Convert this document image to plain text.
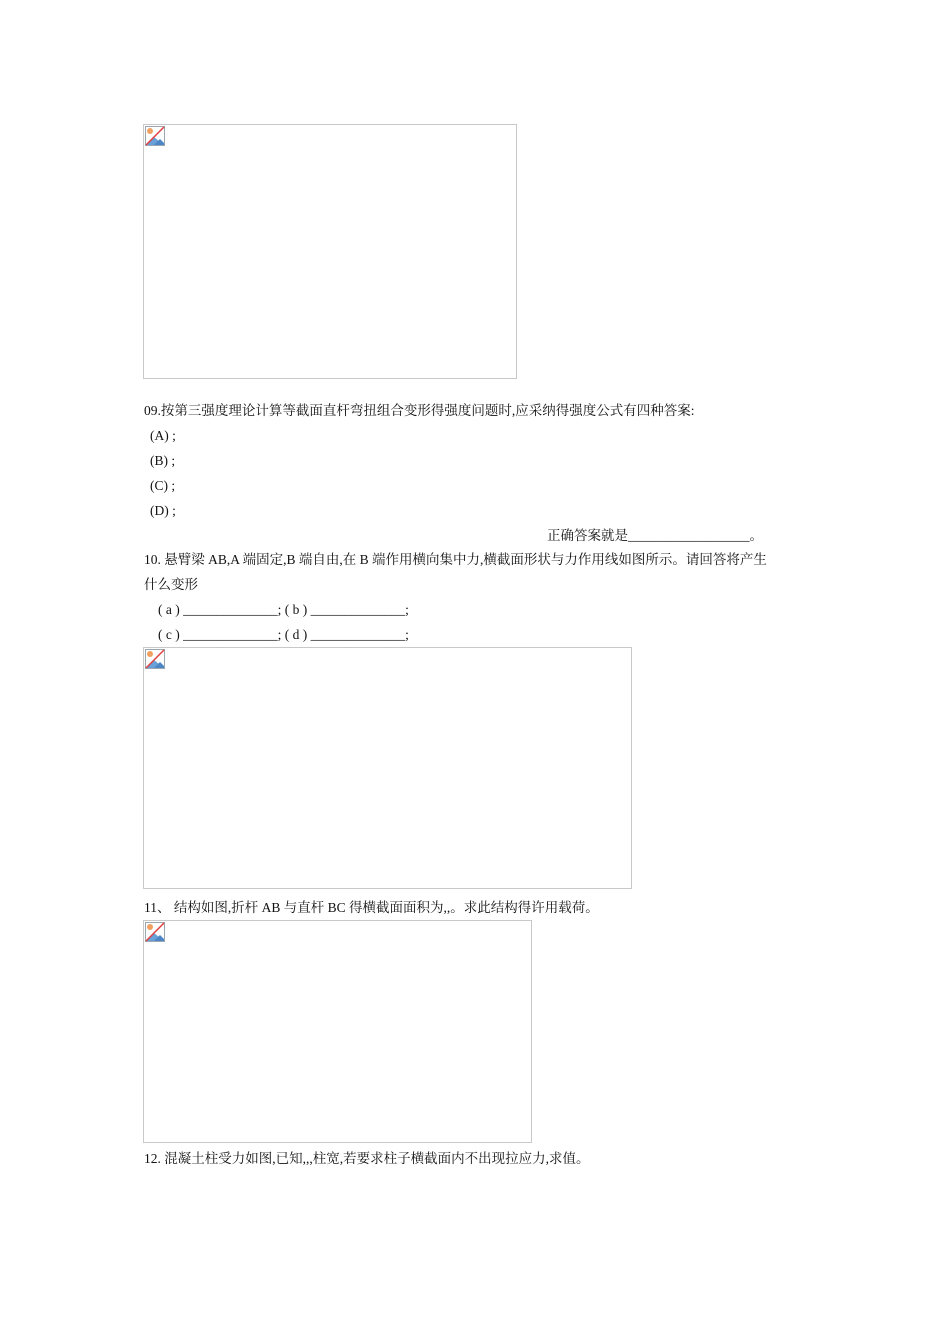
09.按第三强度理论计算等截面直杆弯扭组合变形得强度问题时,应采纳得强度公式有四种答案:
(A) ;
(B) ;
(C) ;
(D) ;
正确答案就是__________________。
10. 悬臂梁 AB,A 端固定,B 端自由,在 B 端作用横向集中力,横截面形状与力作用线如图所示。请回答将产生
什么变形
( a ) ______________; ( b ) ______________;
( c ) ______________; ( d ) ______________;
11、 结构如图,折杆 AB 与直杆 BC 得横截面面积为,,。求此结构得许用载荷。
12. 混凝土柱受力如图,已知,,,柱宽,若要求柱子横截面内不出现拉应力,求值。
